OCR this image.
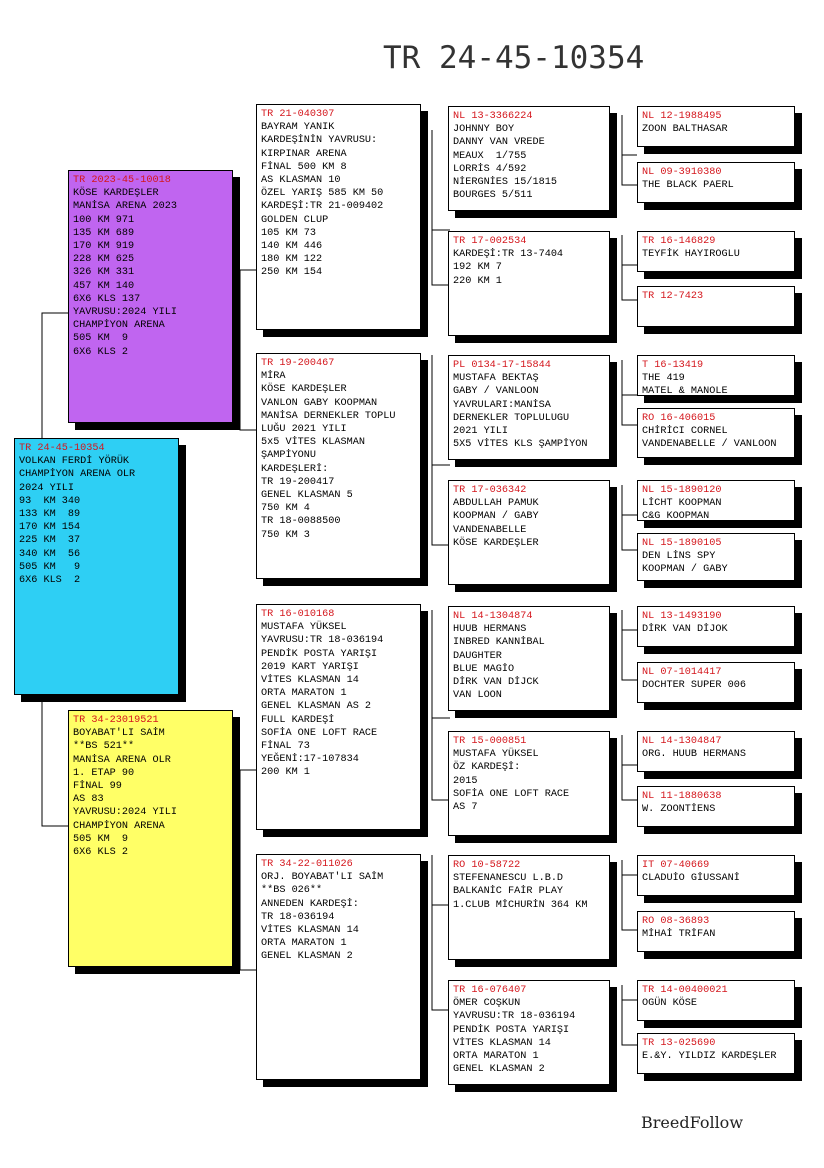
TR 24-45-10354
TR 24-45-10354
VOLKAN FERDİ YÖRÜK
CHAMPİYON ARENA OLR
2024 YILI
93  KM 340
133 KM  89
170 KM 154
225 KM  37
340 KM  56
505 KM   9
6X6 KLS  2
TR 2023-45-10018
KÖSE KARDEŞLER
MANİSA ARENA 2023
100 KM 971
135 KM 689
170 KM 919
228 KM 625
326 KM 331
457 KM 140
6X6 KLS 137
YAVRUSU:2024 YILI
CHAMPİYON ARENA
505 KM  9
6X6 KLS 2
TR 34-23019521
BOYABAT'LI SAİM
**BS 521**
MANİSA ARENA OLR
1. ETAP 90
FİNAL 99
AS 83
YAVRUSU:2024 YILI
CHAMPİYON ARENA
505 KM  9
6X6 KLS 2
TR 21-040307
BAYRAM YANIK
KARDEŞİNİN YAVRUSU:
KIRPINAR ARENA
FİNAL 500 KM 8
AS KLASMAN 10
ÖZEL YARIŞ 585 KM 50
KARDEŞİ:TR 21-009402
GOLDEN CLUP
105 KM 73
140 KM 446
180 KM 122
250 KM 154
TR 19-200467
MİRA
KÖSE KARDEŞLER
VANLON GABY KOOPMAN
MANİSA DERNEKLER TOPLU
LUĞU 2021 YILI
5x5 VİTES KLASMAN
ŞAMPİYONU
KARDEŞLERİ:
TR 19-200417
GENEL KLASMAN 5
750 KM 4
TR 18-0088500
750 KM 3
TR 16-010168
MUSTAFA YÜKSEL
YAVRUSU:TR 18-036194
PENDİK POSTA YARIŞI
2019 KART YARIŞI
VİTES KLASMAN 14
ORTA MARATON 1
GENEL KLASMAN AS 2
FULL KARDEŞİ
SOFİA ONE LOFT RACE
FİNAL 73
YEĞENİ:17-107834
200 KM 1
TR 34-22-011026
ORJ. BOYABAT'LI SAİM
**BS 026**
ANNEDEN KARDEŞİ:
TR 18-036194
VİTES KLASMAN 14
ORTA MARATON 1
GENEL KLASMAN 2
NL 13-3366224
JOHNNY BOY
DANNY VAN VREDE
MEAUX  1/755
LORRİS 4/592
NİERGNİES 15/1815
BOURGES 5/511
TR 17-002534
KARDEŞİ:TR 13-7404
192 KM 7
220 KM 1
PL 0134-17-15844
MUSTAFA BEKTAŞ
GABY / VANLOON
YAVRULARI:MANİSA
DERNEKLER TOPLULUGU
2021 YILI
5X5 VİTES KLS ŞAMPİYON
TR 17-036342
ABDULLAH PAMUK
KOOPMAN / GABY
VANDENABELLE
KÖSE KARDEŞLER
NL 14-1304874
HUUB HERMANS
INBRED KANNİBAL
DAUGHTER
BLUE MAGİO
DİRK VAN DİJCK
VAN LOON
TR 15-000851
MUSTAFA YÜKSEL
ÖZ KARDEŞİ:
2015
SOFİA ONE LOFT RACE
AS 7
RO 10-58722
STEFENANESCU L.B.D
BALKANİC FAİR PLAY
1.CLUB MİCHURİN 364 KM
TR 16-076407
ÖMER COŞKUN
YAVRUSU:TR 18-036194
PENDİK POSTA YARIŞI
VİTES KLASMAN 14
ORTA MARATON 1
GENEL KLASMAN 2
NL 12-1988495
ZOON BALTHASAR
NL 09-3910380
THE BLACK PAERL
TR 16-146829
TEYFİK HAYIROGLU
TR 12-7423
T 16-13419
THE 419
MATEL & MANOLE
RO 16-406015
CHİRİCI CORNEL
VANDENABELLE / VANLOON
NL 15-1890120
LİCHT KOOPMAN
C&G KOOPMAN
NL 15-1890105
DEN LİNS SPY
KOOPMAN / GABY
NL 13-1493190
DİRK VAN DİJOK
NL 07-1014417
DOCHTER SUPER 006
NL 14-1304847
ORG. HUUB HERMANS
NL 11-1880638
W. ZOONTİENS
IT 07-40669
CLADUİO GİUSSANİ
RO 08-36893
MİHAİ TRİFAN
TR 14-00400021
OGÜN KÖSE
TR 13-025690
E.&Y. YILDIZ KARDEŞLER
BreedFollow
